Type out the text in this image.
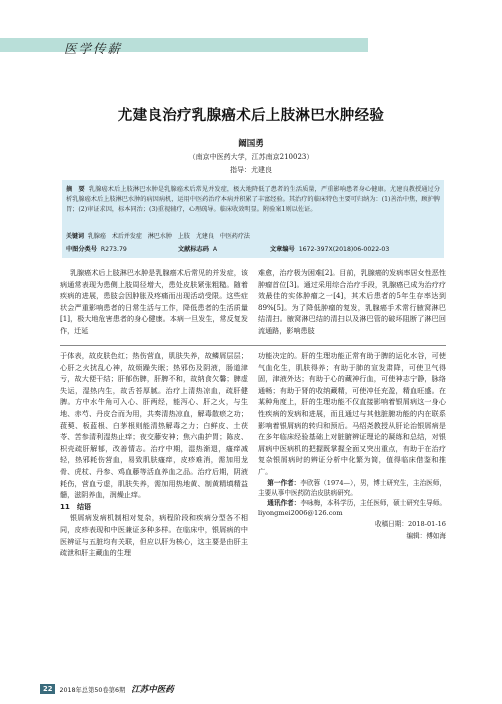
医学传薪
尤建良治疗乳腺癌术后上肢淋巴水肿经验
阚国勇
（南京中医药大学，江苏南京210023）
指导：尤建良

摘　要 乳腺癌术后上肢淋巴水肿是乳腺癌术后常见并发症，极大地降低了患者的生活质量，严重影响患者身心健康。尤建良教授通过分析乳腺癌术后上肢淋巴水肿的病因病机，运用中医药治疗本病并积累了丰富经验。其治疗的临床特色主要可归纳为：(1)善治中焦，顾护脾胃；(2)审证求因，标本同治；(3)重视辅疗，心理疏导。临床收效明显。附验案1则以佐证。

关键词 乳腺癌　术后并发症　淋巴水肿　上肢　尤建良　中医药疗法
中图分类号 R273.79	文献标志码 A	文章编号 1672-397X(2018)06-0022-03

乳腺癌术后上肢淋巴水肿是乳腺癌术后常见的并发症，该病通常表现为患侧上肢周径增大，患处皮肤紧张粗糙。随着疾病的进展，患肢会因肿胀及疼痛而出现活动受限。这些症状会严重影响患者的日常生活与工作，降低患者的生活质量[1]，极大地危害患者的身心健康。本病一旦发生，常反复发作，迁延

难愈，治疗极为困难[2]。目前，乳腺癌的发病率居女性恶性肿瘤首位[3]。通过采用综合治疗手段，乳腺癌已成为治疗疗效最佳的实体肿瘤之一[4]，其术后患者的5年生存率达到89%[5]。为了降低肿瘤的复发，乳腺癌手术常行腋窝淋巴结清扫。腋窝淋巴结的清扫以及淋巴管的破坏阻断了淋巴回流通路，影响患肢

于体表，故皮肤色红；热伤营血，肌肤失养，故鳞屑层层；心肝之火扰乱心神，故烦躁失眠；热邪伤及阴液，肠道津亏，故大便干结；肝郁伤脾，肝脾不和，故纳食欠馨；脾虚失运，湿热内生，故舌苔厚腻。治疗上清热凉血，疏肝健脾。方中水牛角可入心、肝两经，能泻心、肝之火，与生地、赤芍、丹皮合而为用，共奏清热凉血，解毒散瘀之功；菝葜、板蓝根、白茅根则能清热解毒之力；白鲜皮、土茯苓、苦参清利湿热止痒；夜交藤安神；焦六曲护胃；陈皮、枳壳疏肝解郁，改善情志。治疗中期，湿热渐退，瘙痒减轻，热邪耗伤营血，易致肌肤瘙痒，皮疹难消，需加用龙骨、虎杖、丹参、鸡血藤等活血养血之品。治疗后期，阴液耗伤，营血亏虚，肌肤失养，需加用热地黄、制黄精填精益髓，滋阴养血，润燥止痒。

11　结语

银屑病发病机制相对复杂，病程阶段和疾病分型各不相同，皮疹表现和中医兼证多种多样。在临床中，银屑病的中医辨证与五脏均有关联，但应以肝为核心，这主要是由肝主疏泄和肝主藏血的生理

功能决定的。肝的生理功能正常有助于脾的运化水谷，可使气血化生，肌肤得养；有助于肺的宣发肃降，可使卫气得固，津液外达；有助于心的藏神行血，可使神志宁静，脉络通畅；有助于肾的收纳藏精，可使冲任充盈，精血旺盛。在某种角度上，肝的生理功能不仅直接影响着银屑病这一身心性疾病的发病和进展，而且通过与其他脏腑功能的内在联系影响着银屑病的转归和预后。马绍尧教授从肝论治银屑病是在多年临床经验基础上对脏腑辨证理论的凝练和总结，对银屑病中医病机的把握既掌握全面又突出重点，有助于在治疗复杂银屑病时的辨证分析中化繁为简，值得临床借鉴和推广。

第一作者：李欣蓉（1974—），男，博士研究生，主治医师，主要从事中医药防治皮肤病研究。

通讯作者：李咏梅，本科学历，主任医师，硕士研究生导师。liyongmei2006@126.com

收稿日期：2018-01-16

编辑：傅如海

22	2018年总第50卷第6期 江苏中医药
